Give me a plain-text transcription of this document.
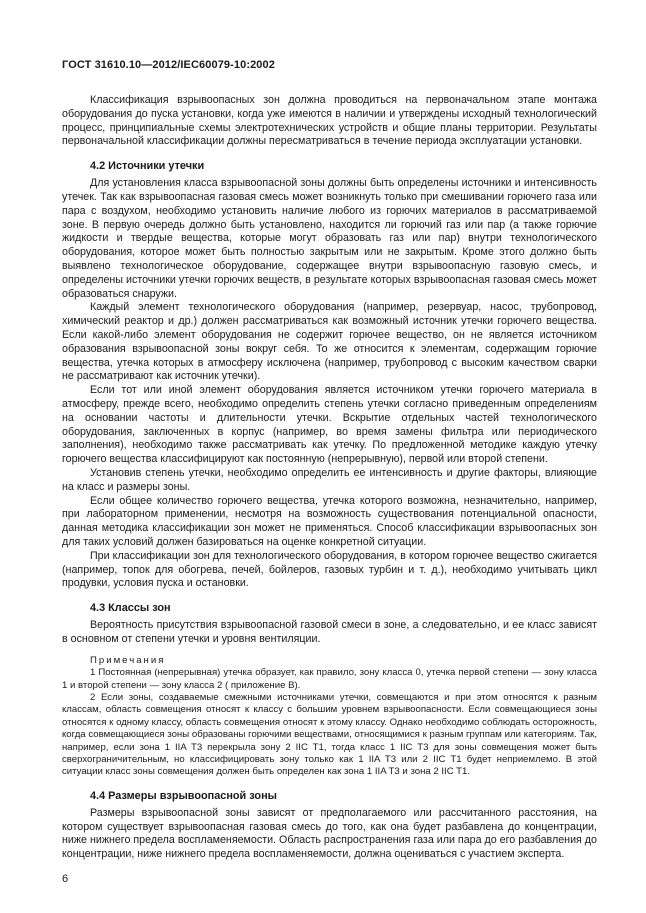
ГОСТ 31610.10—2012/IEC60079-10:2002

Классификация взрывоопасных зон должна проводиться на первоначальном этапе монтажа оборудования до пуска установки, когда уже имеются в наличии и утверждены исходный технологический процесс, принципиальные схемы электротехнических устройств и общие планы территории. Результаты первоначальной классификации должны пересматриваться в течение периода эксплуатации установки.

4.2 Источники утечки

Для установления класса взрывоопасной зоны должны быть определены источники и интенсивность утечек. Так как взрывоопасная газовая смесь может возникнуть только при смешивании горючего газа или пара с воздухом, необходимо установить наличие любого из горючих материалов в рассматриваемой зоне. В первую очередь должно быть установлено, находится ли горючий газ или пар (а также горючие жидкости и твердые вещества, которые могут образовать газ или пар) внутри технологического оборудования, которое может быть полностью закрытым или не закрытым. Кроме этого должно быть выявлено технологическое оборудование, содержащее внутри взрывоопасную газовую смесь, и определены источники утечки горючих веществ, в результате которых взрывоопасная газовая смесь может образоваться снаружи.

Каждый элемент технологического оборудования (например, резервуар, насос, трубопровод, химический реактор и др.) должен рассматриваться как возможный источник утечки горючего вещества. Если какой-либо элемент оборудования не содержит горючее вещество, он не является источником образования взрывоопасной зоны вокруг себя. То же относится к элементам, содержащим горючие вещества, утечка которых в атмосферу исключена (например, трубопровод с высоким качеством сварки не рассматривают как источник утечки).

Если тот или иной элемент оборудования является источником утечки горючего материала в атмосферу, прежде всего, необходимо определить степень утечки согласно приведенным определениям на основании частоты и длительности утечки. Вскрытие отдельных частей технологического оборудования, заключенных в корпус (например, во время замены фильтра или периодического заполнения), необходимо также рассматривать как утечку. По предложенной методике каждую утечку горючего вещества классифицируют как постоянную (непрерывную), первой или второй степени.

Установив степень утечки, необходимо определить ее интенсивность и другие факторы, влияющие на класс и размеры зоны.

Если общее количество горючего вещества, утечка которого возможна, незначительно, например, при лабораторном применении, несмотря на возможность существования потенциальной опасности, данная методика классификации зон может не применяться. Способ классификации взрывоопасных зон для таких условий должен базироваться на оценке конкретной ситуации.

При классификации зон для технологического оборудования, в котором горючее вещество сжигается (например, топок для обогрева, печей, бойлеров, газовых турбин и т. д.), необходимо учитывать цикл продувки, условия пуска и остановки.

4.3 Классы зон

Вероятность присутствия взрывоопасной газовой смеси в зоне, а следовательно, и ее класс зависят в основном от степени утечки и уровня вентиляции.

Примечания

1 Постоянная (непрерывная) утечка образует, как правило, зону класса 0, утечка первой степени — зону класса 1 и второй степени — зону класса 2 ( приложение В).

2 Если зоны, создаваемые смежными источниками утечки, совмещаются и при этом относятся к разным классам, область совмещения относят к классу с большим уровнем взрывоопасности. Если совмещающиеся зоны относятся к одному классу, область совмещения относят к этому классу. Однако необходимо соблюдать осторожность, когда совмещающиеся зоны образованы горючими веществами, относящимися к разным группам или категориям. Так, например, если зона 1 IIA T3 перекрыла зону 2 IIC T1, тогда класс 1 IIC T3 для зоны совмещения может быть сверхограничительным, но классифицировать зону только как 1 IIA T3 или 2 IIC T1 будет неприемлемо. В этой ситуации класс зоны совмещения должен быть определен как зона 1 IIA T3 и зона 2 IIC T1.

4.4 Размеры взрывоопасной зоны

Размеры взрывоопасной зоны зависят от предполагаемого или рассчитанного расстояния, на котором существует взрывоопасная газовая смесь до того, как она будет разбавлена до концентрации, ниже нижнего предела воспламеняемости. Область распространения газа или пара до его разбавления до концентрации, ниже нижнего предела воспламеняемости, должна оцениваться с участием эксперта.

6
